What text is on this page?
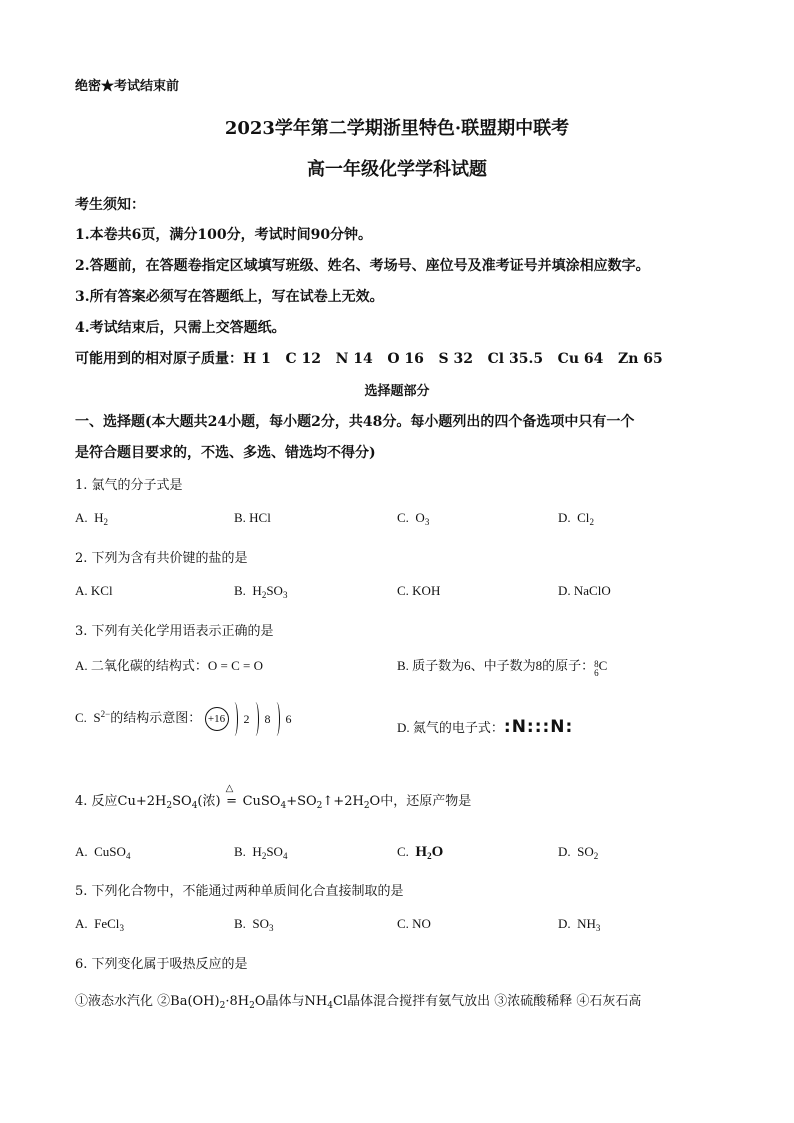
绝密★考试结束前
2023学年第二学期浙里特色·联盟期中联考
高一年级化学学科试题
考生须知：
1.本卷共6页，满分100分，考试时间90分钟。
2.答题前，在答题卷指定区域填写班级、姓名、考场号、座位号及准考证号并填涂相应数字。
3.所有答案必须写在答题纸上，写在试卷上无效。
4.考试结束后，只需上交答题纸。
可能用到的相对原子质量：H 1   C 12   N 14   O 16   S 32   Cl 35.5   Cu 64   Zn 65
选择题部分
一、选择题(本大题共24小题，每小题2分，共48分。每小题列出的四个备选项中只有一个
是符合题目要求的，不选、多选、错选均不得分)
1. 氯气的分子式是
A.  $H_2$	B. HCl	C.  $O_3$	D.  $Cl_2$
2. 下列为含有共价键的盐的是
A. KCl	B.  $H_2SO_3$	C. KOH	D. NaClO
3. 下列有关化学用语表示正确的是
A. 二氧化碳的结构式：O = C = O	B. 质子数为6、中子数为8的原子：8
6C
C.  $S^{2-}$的结构示意图： +16 2 8 6
D. 氮气的电子式：:N:::N:
4. 反应$Cu+2H_2SO_4$(浓)
△
= $CuSO_4+SO_2↑+2H_2O$中，还原产物是
A.  CuSO$_4$	B.  $H_2SO_4$	C. $H_2O$	D.  $SO_2$
5. 下列化合物中，不能通过两种单质间化合直接制取的是
A.  FeCl$_3$	B.  $SO_3$	C. NO	D.  $NH_3$
6. 下列变化属于吸热反应的是
①液态水汽化 $②Ba(OH)_2\cdot 8H_2O$晶体与$NH_4Cl$晶体混合搅拌有氨气放出 ③浓硫酸稀释 ④石灰石高
